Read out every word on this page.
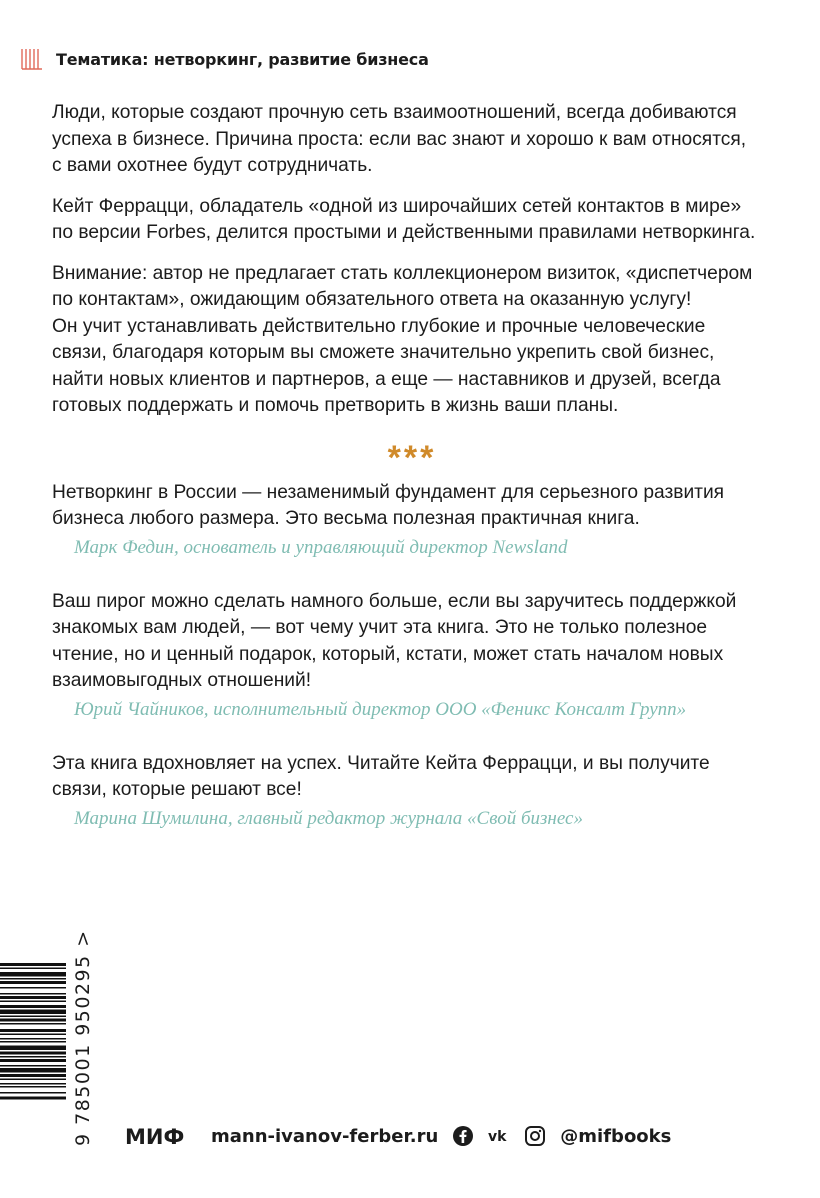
Тематика: нетворкинг, развитие бизнеса
Люди, которые создают прочную сеть взаимоотношений, всегда добиваются
успеха в бизнесе. Причина проста: если вас знают и хорошо к вам относятся,
с вами охотнее будут сотрудничать.
Кейт Феррацци, обладатель «одной из широчайших сетей контактов в мире»
по версии Forbes, делится простыми и действенными правилами нетворкинга.
Внимание: автор не предлагает стать коллекционером визиток, «диспетчером
по контактам», ожидающим обязательного ответа на оказанную услугу!
Он учит устанавливать действительно глубокие и прочные человеческие
связи, благодаря которым вы сможете значительно укрепить свой бизнес,
найти новых клиентов и партнеров, а еще — наставников и друзей, всегда
готовых поддержать и помочь претворить в жизнь ваши планы.
***
Нетворкинг в России — незаменимый фундамент для серьезного развития
бизнеса любого размера. Это весьма полезная практичная книга.
Марк Федин, основатель и управляющий директор Newsland
Ваш пирог можно сделать намного больше, если вы заручитесь поддержкой
знакомых вам людей, — вот чему учит эта книга. Это не только полезное
чтение, но и ценный подарок, который, кстати, может стать началом новых
взаимовыгодных отношений!
Юрий Чайников, исполнительный директор ООО «Феникс Консалт Групп»
Эта книга вдохновляет на успех. Читайте Кейта Феррацци, и вы получите
связи, которые решают все!
Марина Шумилина, главный редактор журнала «Свой бизнес»
9 785001 950295 > МИФ mann-ivanov-ferber.ru	vk	@mifbooks
